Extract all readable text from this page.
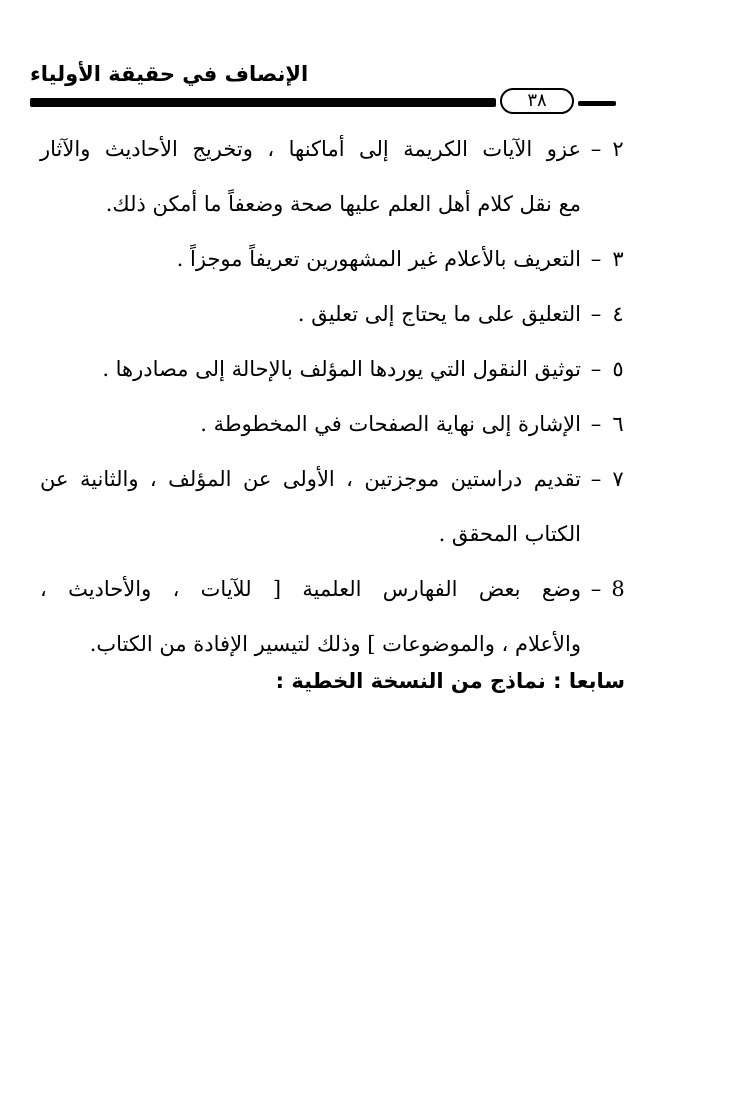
الإنصاف في حقيقة الأولياء
٣٨
٢
–
عزو الآيات الكريمة إلى أماكنها ، وتخريج الأحاديث والآثار
مع نقل كلام أهل العلم عليها صحة وضعفاً ما أمكن ذلك.
٣
–
التعريف بالأعلام غير المشهورين تعريفاً موجزاً .
٤
–
التعليق على ما يحتاج إلى تعليق .
٥
–
توثيق النقول التي يوردها المؤلف بالإحالة إلى مصادرها .
٦
–
الإشارة إلى نهاية الصفحات في المخطوطة .
٧
–
تقديم دراستين موجزتين ، الأولى عن المؤلف ، والثانية عن
الكتاب المحقق .
8
–
وضع بعض الفهارس العلمية [ للآيات ، والأحاديث ،
والأعلام ، والموضوعات ] وذلك لتيسير الإفادة من الكتاب.
سابعا : نماذج من النسخة الخطية :
